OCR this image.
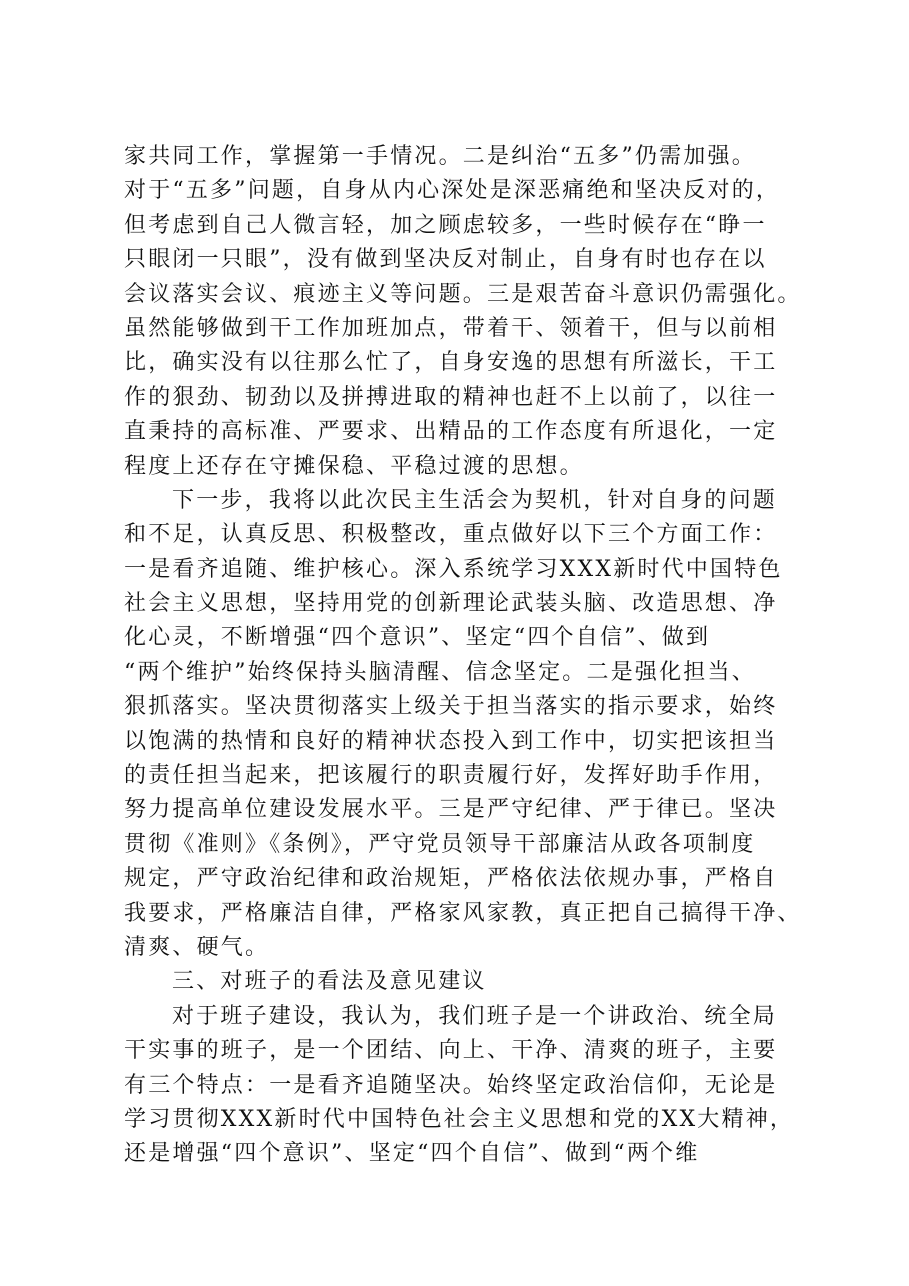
家共同工作，掌握第一手情况。二是纠治“五多”仍需加强。
对于“五多”问题，自身从内心深处是深恶痛绝和坚决反对的，
但考虑到自己人微言轻，加之顾虑较多，一些时候存在“睁一
只眼闭一只眼”，没有做到坚决反对制止，自身有时也存在以
会议落实会议、痕迹主义等问题。三是艰苦奋斗意识仍需强化。
虽然能够做到干工作加班加点，带着干、领着干，但与以前相
比，确实没有以往那么忙了，自身安逸的思想有所滋长，干工
作的狠劲、韧劲以及拼搏进取的精神也赶不上以前了，以往一
直秉持的高标准、严要求、出精品的工作态度有所退化，一定
程度上还存在守摊保稳、平稳过渡的思想。
下一步，我将以此次民主生活会为契机，针对自身的问题
和不足，认真反思、积极整改，重点做好以下三个方面工作：
一是看齐追随、维护核心。深入系统学习XXX新时代中国特色
社会主义思想，坚持用党的创新理论武装头脑、改造思想、净
化心灵，不断增强“四个意识”、坚定“四个自信”、做到
“两个维护”始终保持头脑清醒、信念坚定。二是强化担当、
狠抓落实。坚决贯彻落实上级关于担当落实的指示要求，始终
以饱满的热情和良好的精神状态投入到工作中，切实把该担当
的责任担当起来，把该履行的职责履行好，发挥好助手作用，
努力提高单位建设发展水平。三是严守纪律、严于律已。坚决
贯彻《准则》《条例》，严守党员领导干部廉洁从政各项制度
规定，严守政治纪律和政治规矩，严格依法依规办事，严格自
我要求，严格廉洁自律，严格家风家教，真正把自己搞得干净、
清爽、硬气。
三、对班子的看法及意见建议
对于班子建设，我认为，我们班子是一个讲政治、统全局
干实事的班子，是一个团结、向上、干净、清爽的班子，主要
有三个特点：一是看齐追随坚决。始终坚定政治信仰，无论是
学习贯彻XXX新时代中国特色社会主义思想和党的XX大精神，
还是增强“四个意识”、坚定“四个自信”、做到“两个维
